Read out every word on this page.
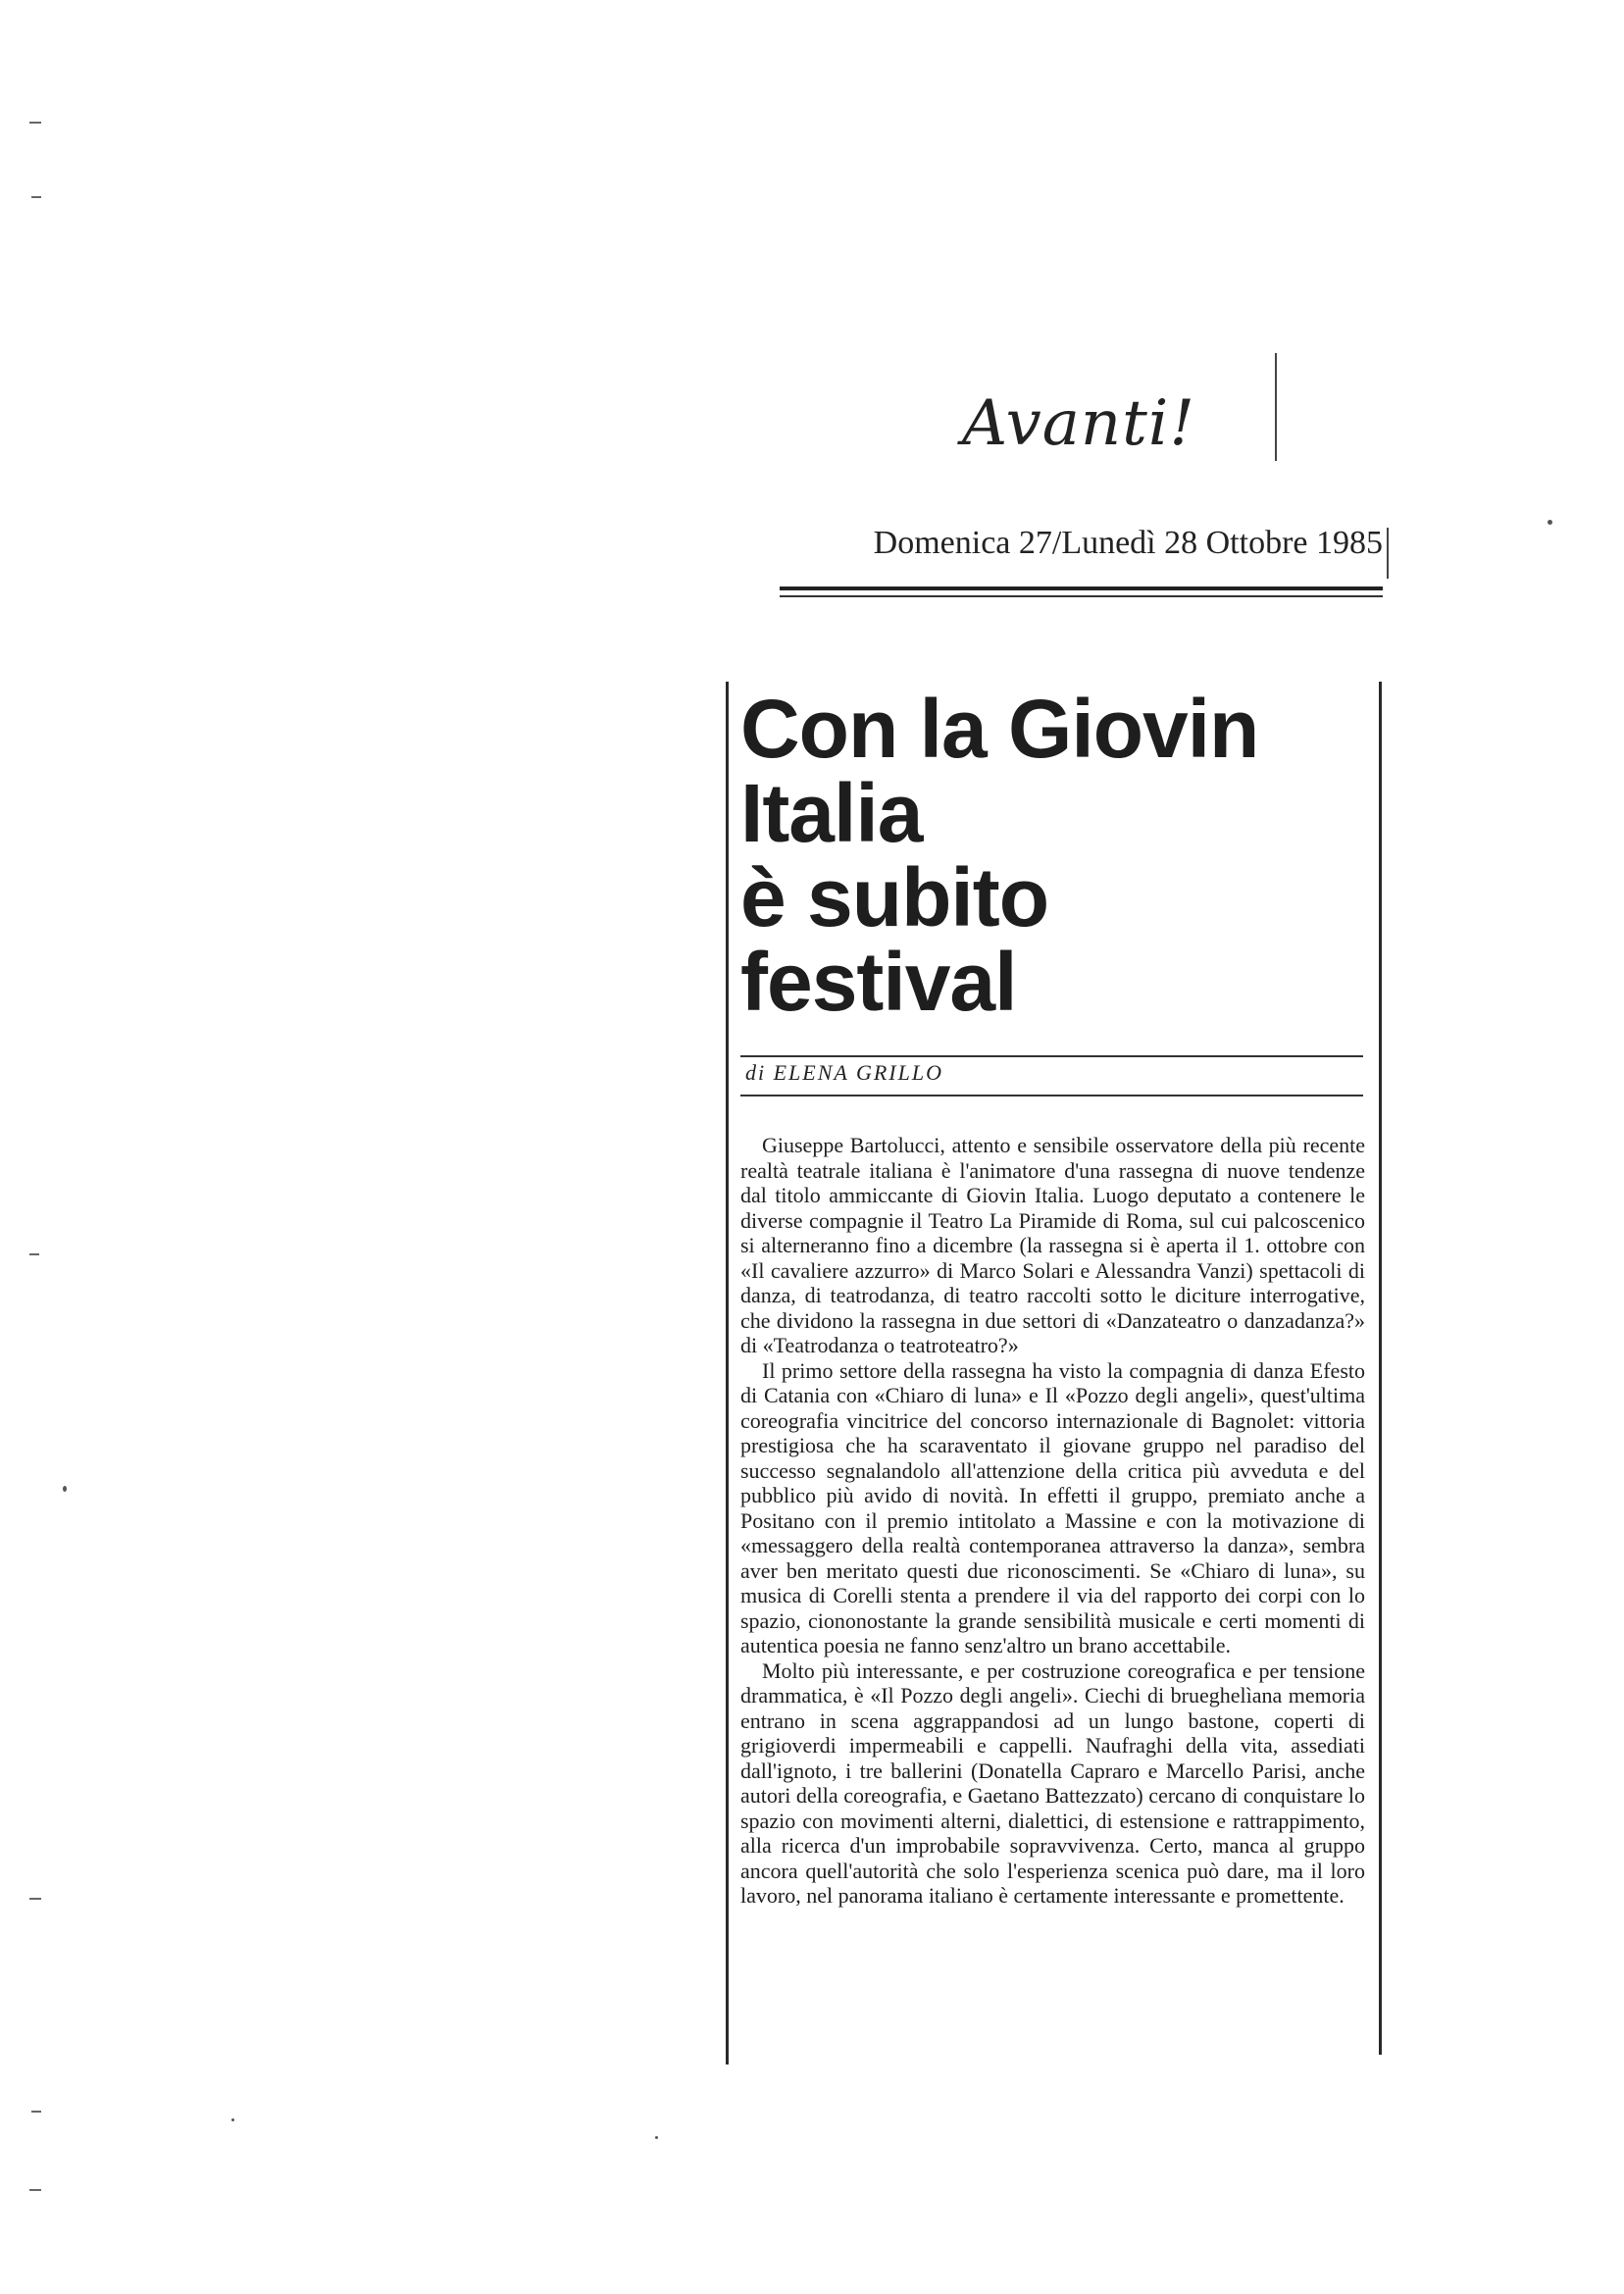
Avanti!
Domenica 27/Lunedì 28 Ottobre 1985
Con la Giovin
Italia
è subito
festival
di ELENA GRILLO

Giuseppe Bartolucci, attento e sensibile osservatore della più recente realtà teatrale italiana è l'animatore d'una rassegna di nuove tendenze dal titolo ammiccante di Giovin Italia. Luogo deputato a contenere le diverse compagnie il Teatro La Piramide di Roma, sul cui palcoscenico si alterneranno fino a dicembre (la rassegna si è aperta il 1. ottobre con «Il cavaliere azzurro» di Marco Solari e Alessandra Vanzi) spettacoli di danza, di teatrodanza, di teatro raccolti sotto le diciture interrogative, che dividono la rassegna in due settori di «Danzateatro o danzadanza?» di «Teatrodanza o teatroteatro?»

Il primo settore della rassegna ha visto la compagnia di danza Efesto di Catania con «Chiaro di luna» e Il «Pozzo degli angeli», quest'ultima coreografia vincitrice del concorso internazionale di Bagnolet: vittoria prestigiosa che ha scaraventato il giovane gruppo nel paradiso del successo segnalandolo all'attenzione della critica più avveduta e del pubblico più avido di novità. In effetti il gruppo, premiato anche a Positano con il premio intitolato a Massine e con la motivazione di «messaggero della realtà contemporanea attraverso la danza», sembra aver ben meritato questi due riconoscimenti. Se «Chiaro di luna», su musica di Corelli stenta a prendere il via del rapporto dei corpi con lo spazio, ciononostante la grande sensibilità musicale e certi momenti di autentica poesia ne fanno senz'altro un brano accettabile.

Molto più interessante, e per costruzione coreografica e per tensione drammatica, è «Il Pozzo degli angeli». Ciechi di brueghelìana memoria entrano in scena aggrappandosi ad un lungo bastone, coperti di grigioverdi impermeabili e cappelli. Naufraghi della vita, assediati dall'ignoto, i tre ballerini (Donatella Capraro e Marcello Parisi, anche autori della coreografia, e Gaetano Battezzato) cercano di conquistare lo spazio con movimenti alterni, dialettici, di estensione e rattrappimento, alla ricerca d'un improbabile sopravvivenza. Certo, manca al gruppo ancora quell'autorità che solo l'esperienza scenica può dare, ma il loro lavoro, nel panorama italiano è certamente interessante e promettente.
